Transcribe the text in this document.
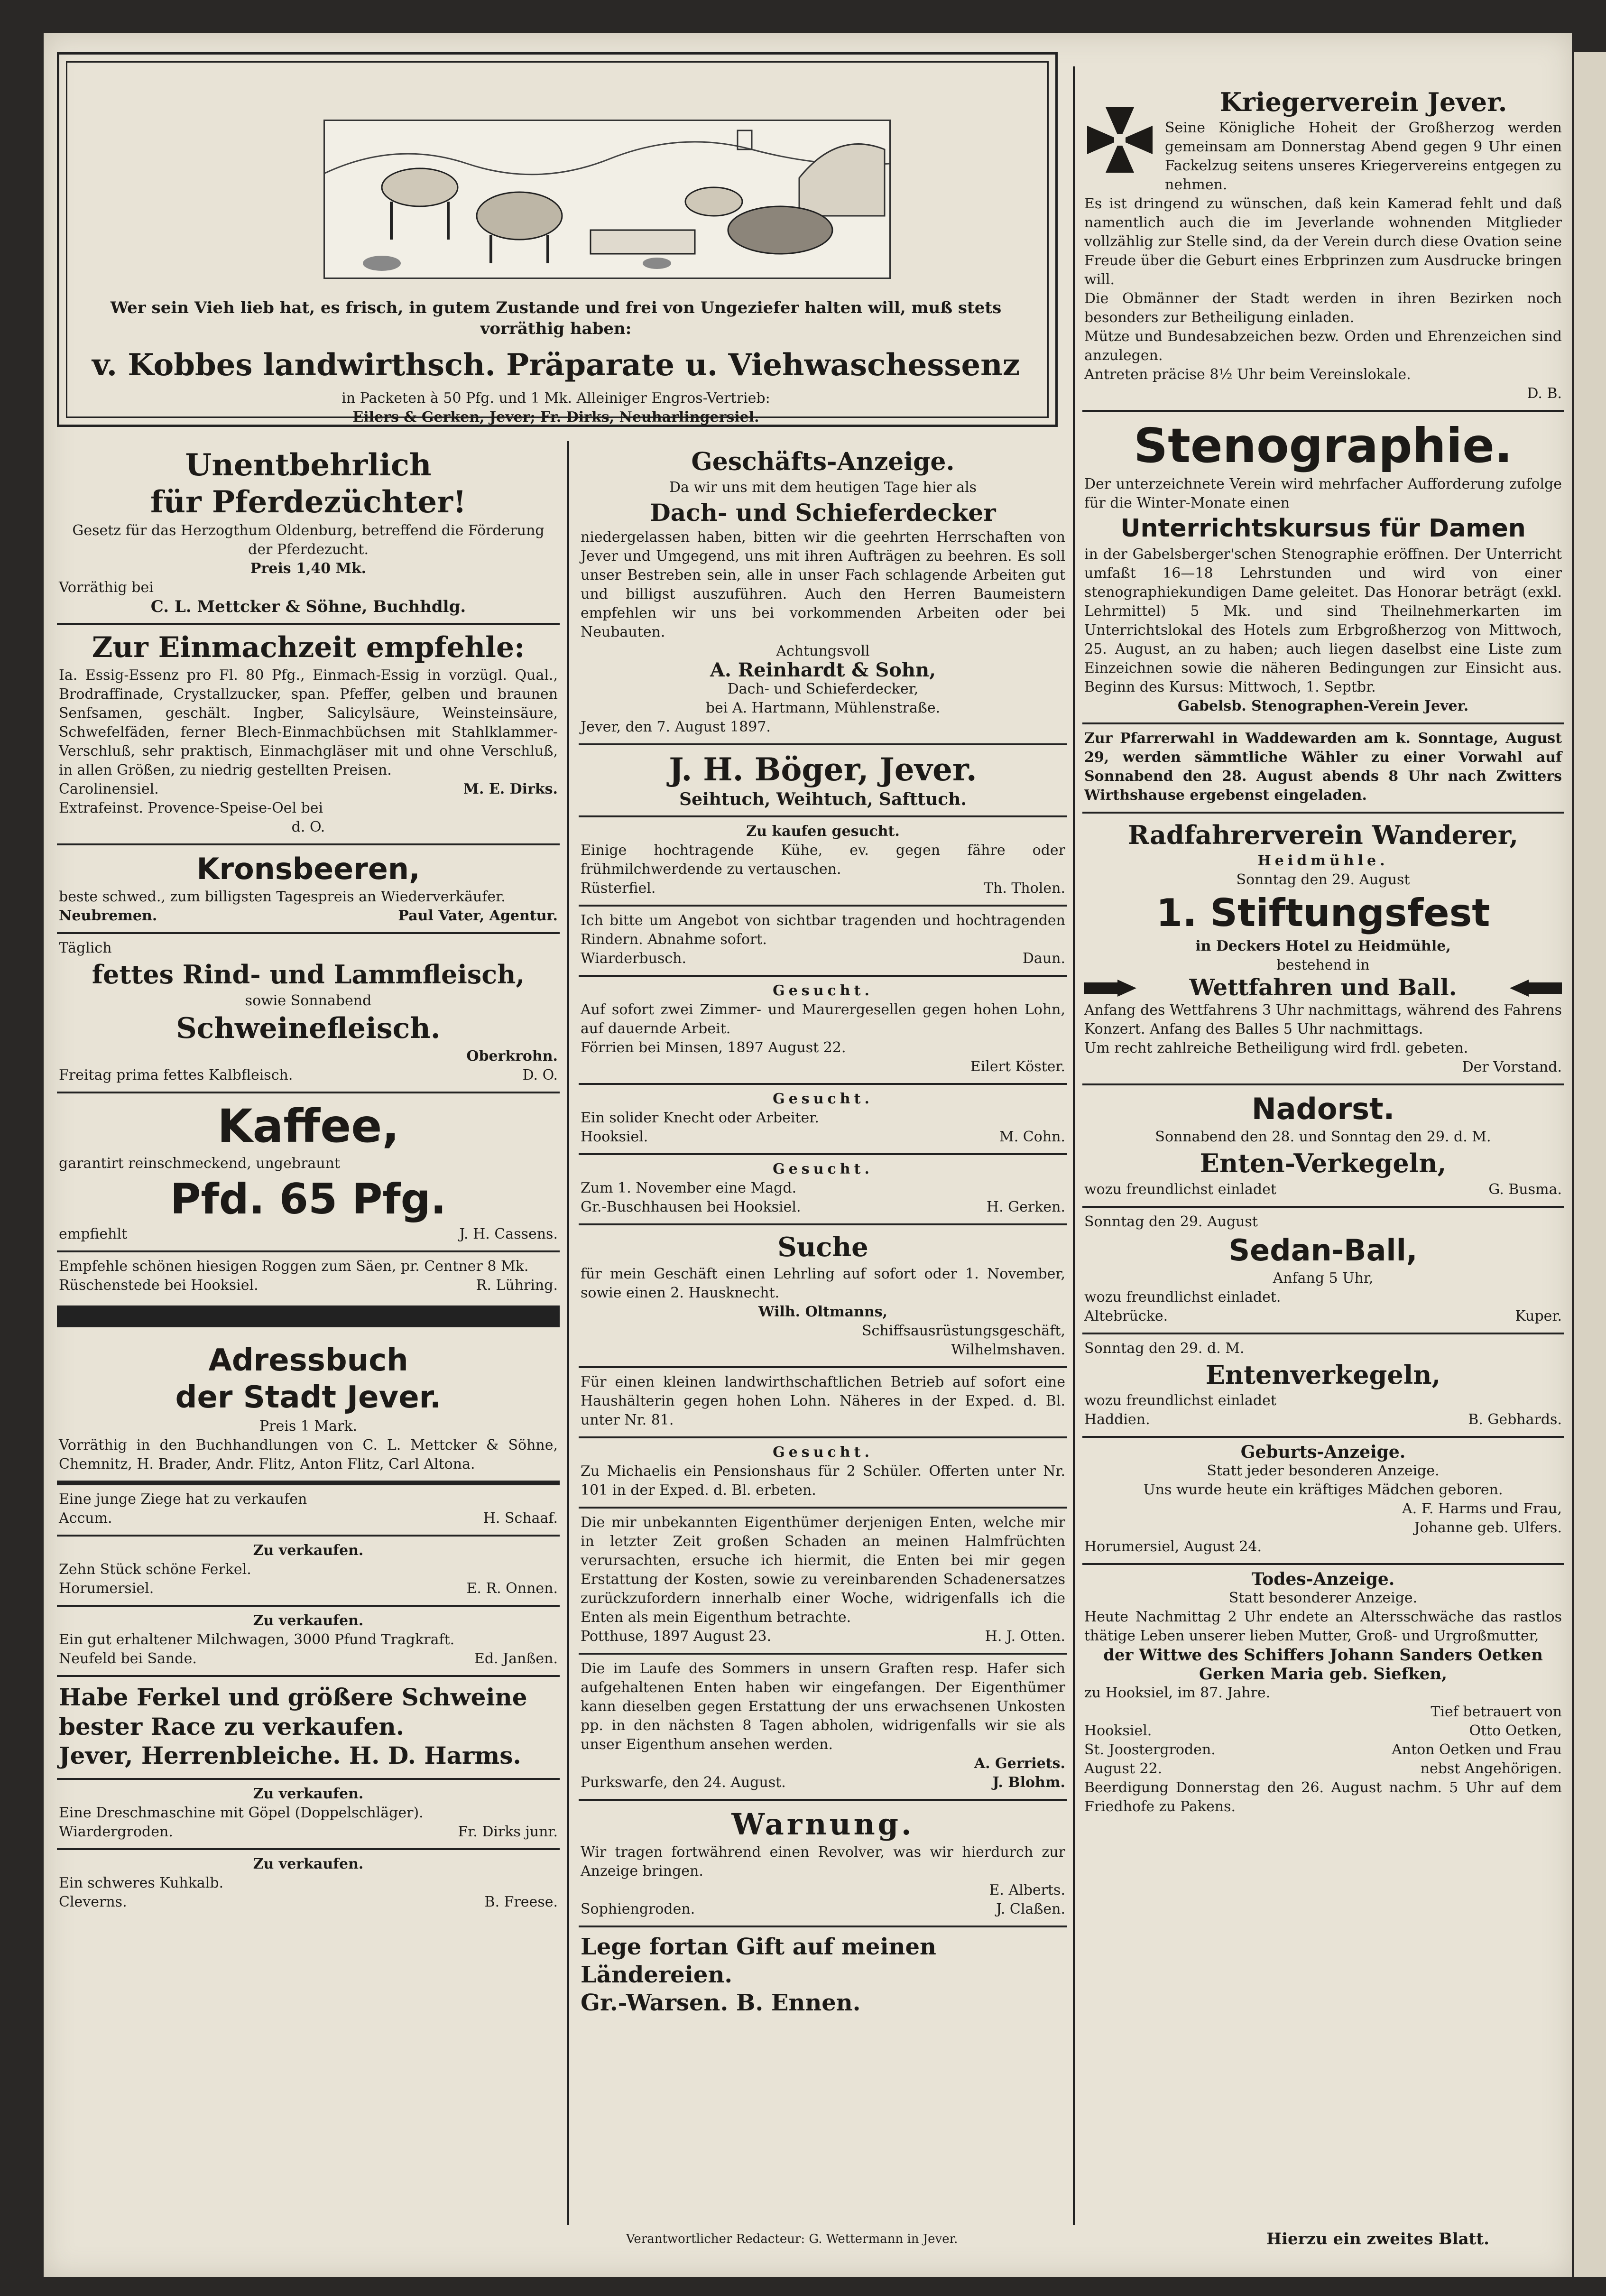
Wer sein Vieh lieb hat, es frisch, in gutem Zustande und frei von Ungeziefer halten will, muß stets vorräthig haben:
v. Kobbes landwirthsch. Präparate u. Viehwaschessenz
in Packeten à 50 Pfg. und 1 Mk. Alleiniger Engros-Vertrieb:
Eilers & Gerken, Jever; Fr. Dirks, Neuharlingersiel.
Unentbehrlich
für Pferdezüchter!

Gesetz für das Herzogthum Oldenburg, betreffend die Förderung der Pferdezucht.

Preis 1,40 Mk.

Vorräthig bei

C. L. Mettcker & Söhne, Buchhdlg.

Zur Einmachzeit empfehle:

Ia. Essig-Essenz pro Fl. 80 Pfg., Einmach-Essig in vorzügl. Qual., Brodraffinade, Crystallzucker, span. Pfeffer, gelben und braunen Senfsamen, geschält. Ingber, Salicylsäure, Weinsteinsäure, Schwefelfäden, ferner Blech-Einmachbüchsen mit Stahlklammer-Verschluß, sehr praktisch, Einmachgläser mit und ohne Verschluß, in allen Größen, zu niedrig gestellten Preisen.

Carolinensiel.	M. E. Dirks.

Extrafeinst. Provence-Speise-Oel bei

d. O.

Kronsbeeren,

beste schwed., zum billigsten Tagespreis an Wiederverkäufer.

Neubremen.	Paul Vater, Agentur.

Täglich

fettes Rind- und Lammfleisch,

sowie Sonnabend

Schweinefleisch.

Oberkrohn.

Freitag prima fettes Kalbfleisch.	D. O.
Kaffee,

garantirt reinschmeckend, ungebraunt

Pfd. 65 Pfg.
empfiehlt	J. H. Cassens.

Empfehle schönen hiesigen Roggen zum Säen, pr. Centner 8 Mk.

Rüschenstede bei Hooksiel.	R. Lühring.
Adressbuch
der Stadt Jever.

Preis 1 Mark.

Vorräthig in den Buchhandlungen von C. L. Mettcker & Söhne, Chemnitz, H. Brader, Andr. Flitz, Anton Flitz, Carl Altona.

Eine junge Ziege hat zu verkaufen

Accum.	H. Schaaf.

Zu verkaufen.

Zehn Stück schöne Ferkel.

Horumersiel.	E. R. Onnen.

Zu verkaufen.

Ein gut erhaltener Milchwagen, 3000 Pfund Tragkraft.

Neufeld bei Sande.	Ed. Janßen.
Habe Ferkel und größere Schweine
bester Race zu verkaufen.
Jever, Herrenbleiche. H. D. Harms.

Zu verkaufen.

Eine Dreschmaschine mit Göpel (Doppelschläger).

Wiardergroden.	Fr. Dirks junr.

Zu verkaufen.

Ein schweres Kuhkalb.

Cleverns.	B. Freese.
Geschäfts-Anzeige.

Da wir uns mit dem heutigen Tage hier als

Dach- und Schieferdecker

niedergelassen haben, bitten wir die geehrten Herrschaften von Jever und Umgegend, uns mit ihren Aufträgen zu beehren. Es soll unser Bestreben sein, alle in unser Fach schlagende Arbeiten gut und billigst auszuführen. Auch den Herren Baumeistern empfehlen wir uns bei vorkommenden Arbeiten oder bei Neubauten.

Achtungsvoll

A. Reinhardt & Sohn,

Dach- und Schieferdecker,

bei A. Hartmann, Mühlenstraße.

Jever, den 7. August 1897.

J. H. Böger, Jever.

Seihtuch, Weihtuch, Safttuch.

Zu kaufen gesucht.

Einige hochtragende Kühe, ev. gegen fähre oder frühmilchwerdende zu vertauschen.

Rüsterfiel.	Th. Tholen.

Ich bitte um Angebot von sichtbar tragenden und hochtragenden Rindern. Abnahme sofort.

Wiarderbusch.	Daun.

Gesucht.

Auf sofort zwei Zimmer- und Maurergesellen gegen hohen Lohn, auf dauernde Arbeit.

Förrien bei Minsen, 1897 August 22.

Eilert Köster.

Gesucht.

Ein solider Knecht oder Arbeiter.

Hooksiel.	M. Cohn.

Gesucht.

Zum 1. November eine Magd.

Gr.-Buschhausen bei Hooksiel.	H. Gerken.
Suche

für mein Geschäft einen Lehrling auf sofort oder 1. November, sowie einen 2. Hausknecht.

Wilh. Oltmanns,

Schiffsausrüstungsgeschäft,

Wilhelmshaven.

Für einen kleinen landwirthschaftlichen Betrieb auf sofort eine Haushälterin gegen hohen Lohn. Näheres in der Exped. d. Bl. unter Nr. 81.

Gesucht.

Zu Michaelis ein Pensionshaus für 2 Schüler. Offerten unter Nr. 101 in der Exped. d. Bl. erbeten.

Die mir unbekannten Eigenthümer derjenigen Enten, welche mir in letzter Zeit großen Schaden an meinen Halmfrüchten verursachten, ersuche ich hiermit, die Enten bei mir gegen Erstattung der Kosten, sowie zu vereinbarenden Schadenersatzes zurückzufordern innerhalb einer Woche, widrigenfalls ich die Enten als mein Eigenthum betrachte.

Potthuse, 1897 August 23.	H. J. Otten.

Die im Laufe des Sommers in unsern Graften resp. Hafer sich aufgehaltenen Enten haben wir eingefangen. Der Eigenthümer kann dieselben gegen Erstattung der uns erwachsenen Unkosten pp. in den nächsten 8 Tagen abholen, widrigenfalls wir sie als unser Eigenthum ansehen werden.

A. Gerriets.

Purkswarfe, den 24. August.	J. Blohm.
Warnung.

Wir tragen fortwährend einen Revolver, was wir hierdurch zur Anzeige bringen.

E. Alberts.

Sophiengroden.	J. Claßen.
Lege fortan Gift auf meinen
Ländereien.
Gr.-Warsen. B. Ennen.
Kriegerverein Jever.

Seine Königliche Hoheit der Großherzog werden gemeinsam am Donnerstag Abend gegen 9 Uhr einen Fackelzug seitens unseres Kriegervereins entgegen zu nehmen.

Es ist dringend zu wünschen, daß kein Kamerad fehlt und daß namentlich auch die im Jeverlande wohnenden Mitglieder vollzählig zur Stelle sind, da der Verein durch diese Ovation seine Freude über die Geburt eines Erbprinzen zum Ausdrucke bringen will.

Die Obmänner der Stadt werden in ihren Bezirken noch besonders zur Betheiligung einladen.

Mütze und Bundesabzeichen bezw. Orden und Ehrenzeichen sind anzulegen.

Antreten präcise 8½ Uhr beim Vereinslokale.

D. B.

Stenographie.

Der unterzeichnete Verein wird mehrfacher Aufforderung zufolge für die Winter-Monate einen

Unterrichtskursus für Damen

in der Gabelsberger'schen Stenographie eröffnen. Der Unterricht umfaßt 16—18 Lehrstunden und wird von einer stenographiekundigen Dame geleitet. Das Honorar beträgt (exkl. Lehrmittel) 5 Mk. und sind Theilnehmerkarten im Unterrichtslokal des Hotels zum Erbgroßherzog von Mittwoch, 25. August, an zu haben; auch liegen daselbst eine Liste zum Einzeichnen sowie die näheren Bedingungen zur Einsicht aus. Beginn des Kursus: Mittwoch, 1. Septbr.

Gabelsb. Stenographen-Verein Jever.

Zur Pfarrerwahl in Waddewarden am k. Sonntage, August 29, werden sämmtliche Wähler zu einer Vorwahl auf Sonnabend den 28. August abends 8 Uhr nach Zwitters Wirthshause ergebenst eingeladen.

Radfahrerverein Wanderer,

Heidmühle.

Sonntag den 29. August

1. Stiftungsfest

in Deckers Hotel zu Heidmühle,

bestehend in

Wettfahren und Ball.

Anfang des Wettfahrens 3 Uhr nachmittags, während des Fahrens Konzert. Anfang des Balles 5 Uhr nachmittags.

Um recht zahlreiche Betheiligung wird frdl. gebeten.

Der Vorstand.

Nadorst.

Sonnabend den 28. und Sonntag den 29. d. M.

Enten-Verkegeln,
wozu freundlichst einladet	G. Busma.

Sonntag den 29. August

Sedan-Ball,

Anfang 5 Uhr,

wozu freundlichst einladet.

Altebrücke.	Kuper.

Sonntag den 29. d. M.

Entenverkegeln,

wozu freundlichst einladet

Haddien.	B. Gebhards.

Geburts-Anzeige.

Statt jeder besonderen Anzeige.

Uns wurde heute ein kräftiges Mädchen geboren.

A. F. Harms und Frau,

Johanne geb. Ulfers.

Horumersiel, August 24.

Todes-Anzeige.

Statt besonderer Anzeige.

Heute Nachmittag 2 Uhr endete an Altersschwäche das rastlos thätige Leben unserer lieben Mutter, Groß- und Urgroßmutter,

der Wittwe des Schiffers Johann Sanders Oetken

Gerken Maria geb. Siefken,

zu Hooksiel, im 87. Jahre.

Tief betrauert von

Hooksiel.	Otto Oetken,
St. Joostergroden.	Anton Oetken und Frau
August 22.	nebst Angehörigen.

Beerdigung Donnerstag den 26. August nachm. 5 Uhr auf dem Friedhofe zu Pakens.

Verantwortlicher Redacteur: G. Wettermann in Jever.	Hierzu ein zweites Blatt.
